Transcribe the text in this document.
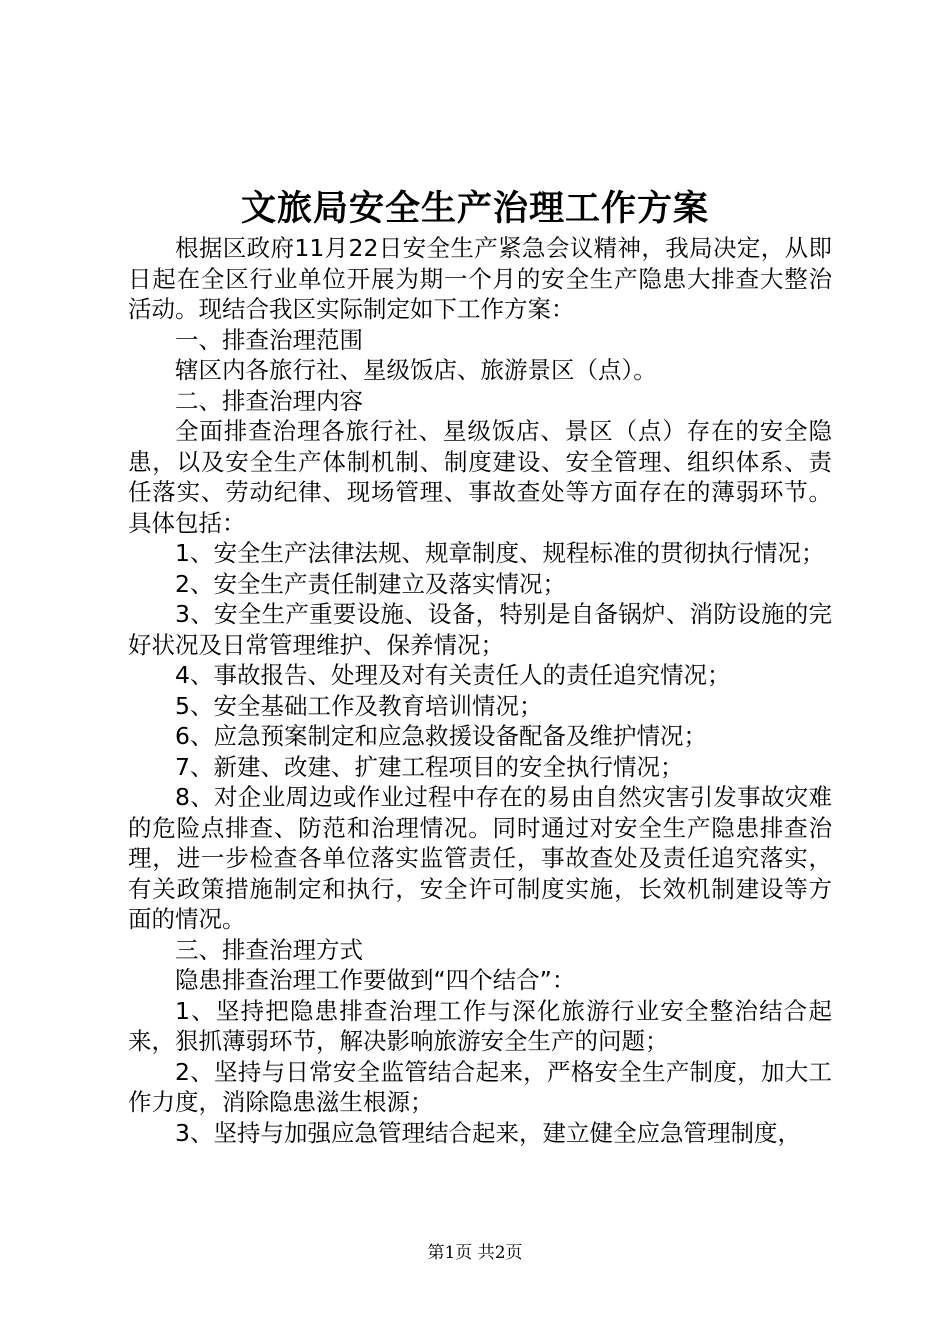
文旅局安全生产治理工作方案

根据区政府11月22日安全生产紧急会议精神，我局决定，从即日起在全区行业单位开展为期一个月的安全生产隐患大排查大整治活动。现结合我区实际制定如下工作方案：

一、排查治理范围

辖区内各旅行社、星级饭店、旅游景区（点）。

二、排查治理内容

全面排查治理各旅行社、星级饭店、景区（点）存在的安全隐患，以及安全生产体制机制、制度建设、安全管理、组织体系、责任落实、劳动纪律、现场管理、事故查处等方面存在的薄弱环节。具体包括：

1、安全生产法律法规、规章制度、规程标准的贯彻执行情况；

2、安全生产责任制建立及落实情况；

3、安全生产重要设施、设备，特别是自备锅炉、消防设施的完好状况及日常管理维护、保养情况；

4、事故报告、处理及对有关责任人的责任追究情况；

5、安全基础工作及教育培训情况；

6、应急预案制定和应急救援设备配备及维护情况；

7、新建、改建、扩建工程项目的安全执行情况；

8、对企业周边或作业过程中存在的易由自然灾害引发事故灾难的危险点排查、防范和治理情况。同时通过对安全生产隐患排查治理，进一步检查各单位落实监管责任，事故查处及责任追究落实，有关政策措施制定和执行，安全许可制度实施，长效机制建设等方面的情况。

三、排查治理方式

隐患排查治理工作要做到“四个结合”：

1、坚持把隐患排查治理工作与深化旅游行业安全整治结合起来，狠抓薄弱环节，解决影响旅游安全生产的问题；

2、坚持与日常安全监管结合起来，严格安全生产制度，加大工作力度，消除隐患滋生根源；

3、坚持与加强应急管理结合起来，建立健全应急管理制度，

第1页 共2页
